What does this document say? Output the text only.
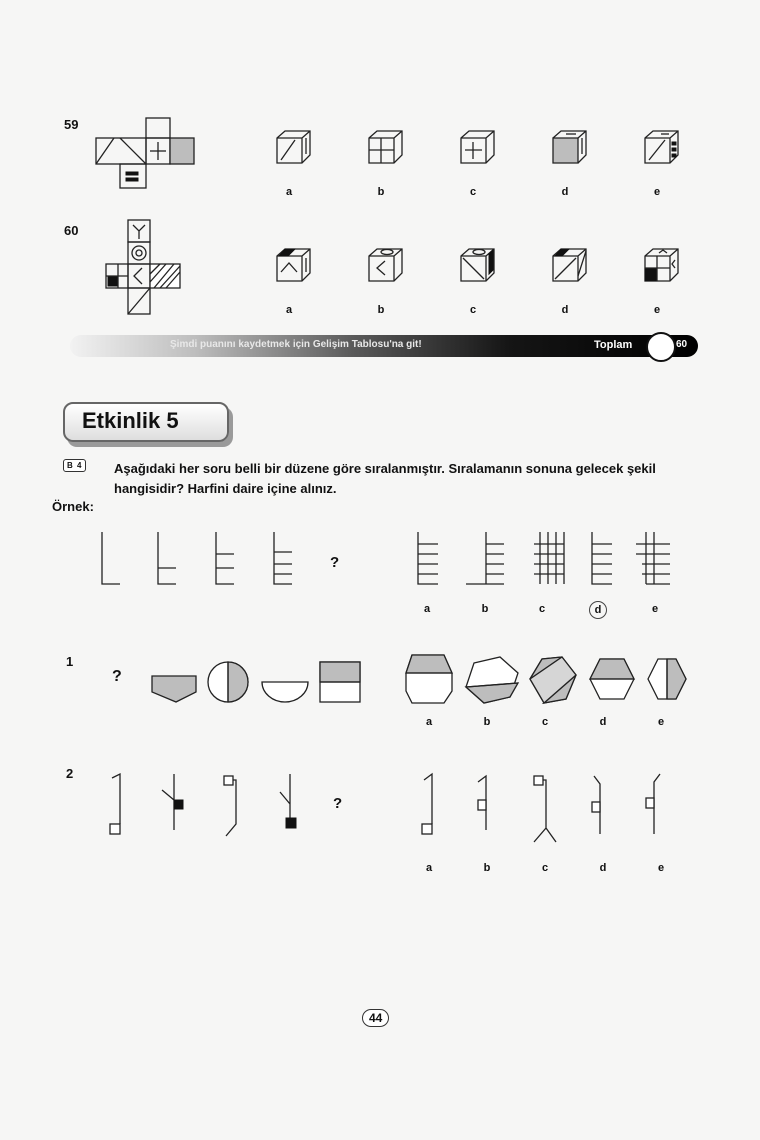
59
a	b	c	d	e
60
a	b	c	d	e
Şimdi puanını kaydetmek için Gelişim Tablosu'na git!	Toplam	60
Etkinlik 5
B 4	Aşağıdaki her soru belli bir düzene göre sıralanmıştır. Sıralamanın sonuna gelecek şekil hangisidir? Harfini daire içine alınız.
Örnek:
?
a	b	c	d	e
1
?
a	b	c	d	e
2
?
a	b	c	d	e
44
